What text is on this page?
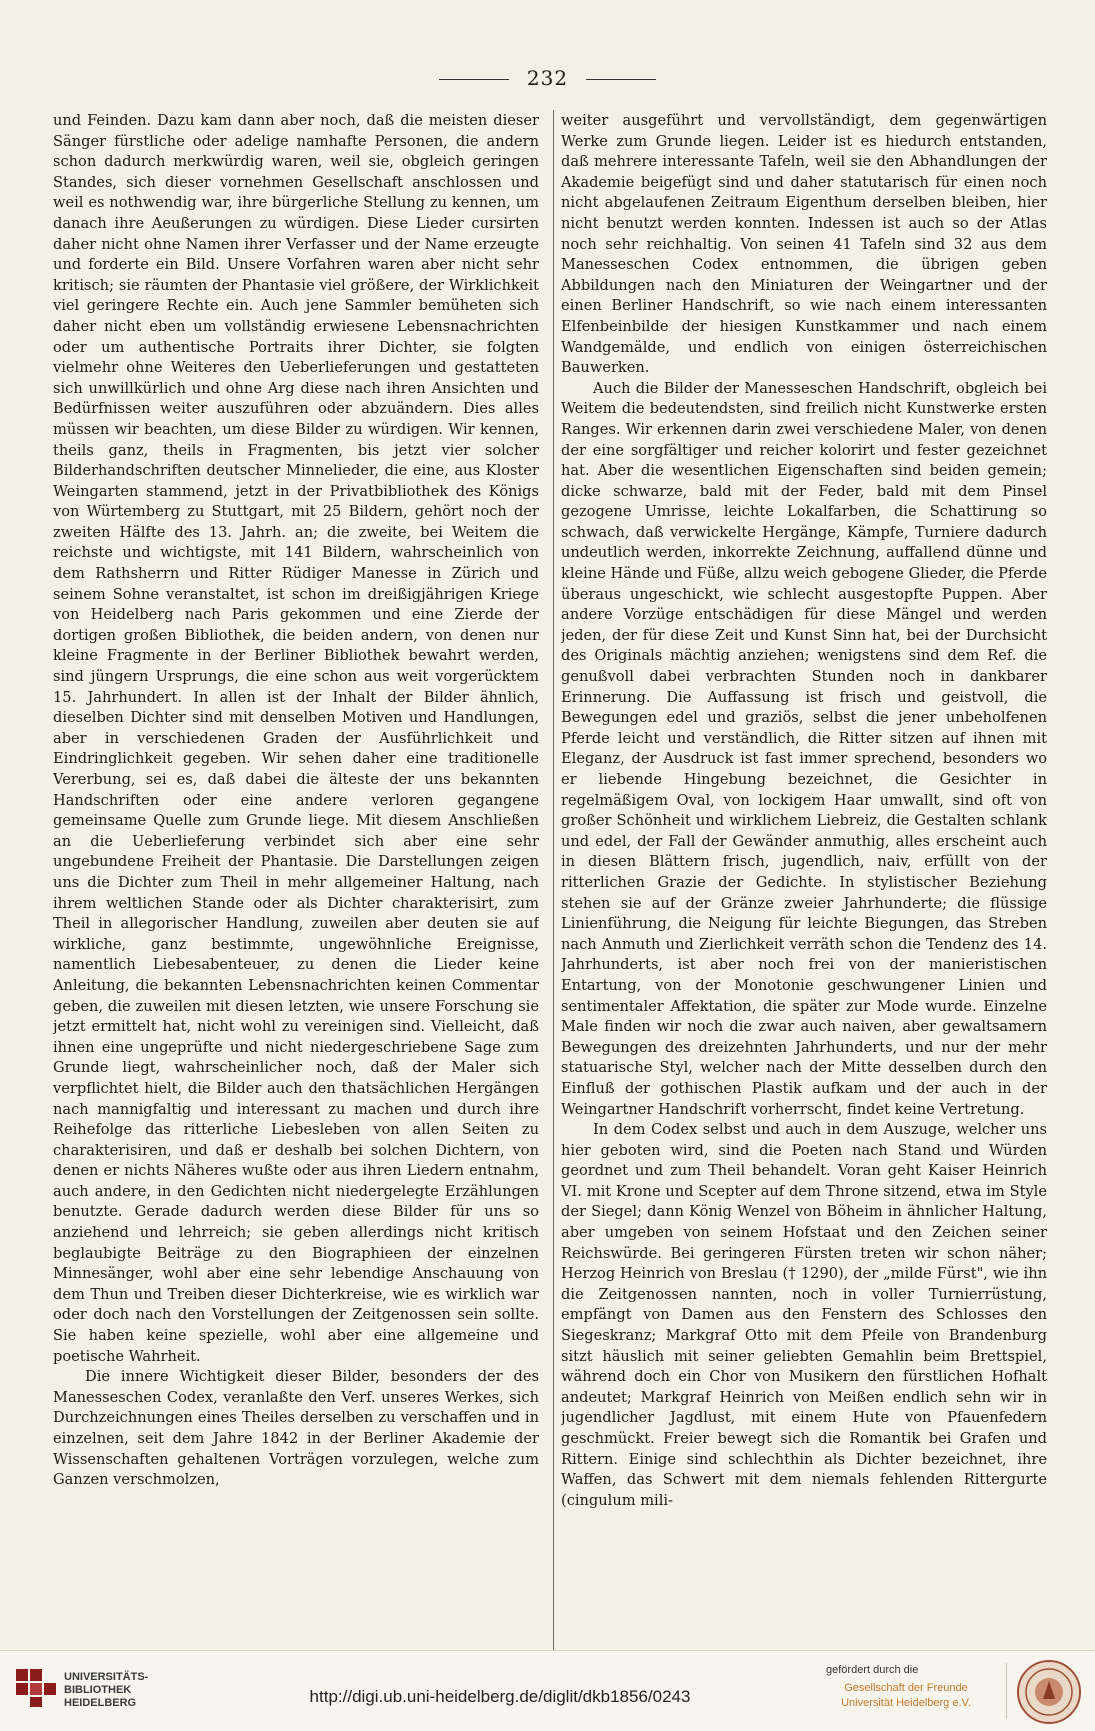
232

und Feinden. Dazu kam dann aber noch, daß die meisten dieser Sänger fürstliche oder adelige namhafte Personen, die andern schon dadurch merkwürdig waren, weil sie, obgleich geringen Standes, sich dieser vornehmen Gesellschaft anschlossen und weil es nothwendig war, ihre bürgerliche Stellung zu kennen, um danach ihre Aeußerungen zu würdigen. Diese Lieder cursirten daher nicht ohne Namen ihrer Verfasser und der Name erzeugte und forderte ein Bild. Unsere Vorfahren waren aber nicht sehr kritisch; sie räumten der Phantasie viel größere, der Wirklichkeit viel geringere Rechte ein. Auch jene Sammler bemüheten sich daher nicht eben um vollständig erwiesene Lebensnachrichten oder um authentische Portraits ihrer Dichter, sie folgten vielmehr ohne Weiteres den Ueberlieferungen und gestatteten sich unwillkürlich und ohne Arg diese nach ihren Ansichten und Bedürfnissen weiter auszuführen oder abzuändern. Dies alles müssen wir beachten, um diese Bilder zu würdigen. Wir kennen, theils ganz, theils in Fragmenten, bis jetzt vier solcher Bilderhandschriften deutscher Minnelieder, die eine, aus Kloster Weingarten stammend, jetzt in der Privatbibliothek des Königs von Würtemberg zu Stuttgart, mit 25 Bildern, gehört noch der zweiten Hälfte des 13. Jahrh. an; die zweite, bei Weitem die reichste und wichtigste, mit 141 Bildern, wahrscheinlich von dem Rathsherrn und Ritter Rüdiger Manesse in Zürich und seinem Sohne veranstaltet, ist schon im dreißigjährigen Kriege von Heidelberg nach Paris gekommen und eine Zierde der dortigen großen Bibliothek, die beiden andern, von denen nur kleine Fragmente in der Berliner Bibliothek bewahrt werden, sind jüngern Ursprungs, die eine schon aus weit vorgerücktem 15. Jahrhundert. In allen ist der Inhalt der Bilder ähnlich, dieselben Dichter sind mit denselben Motiven und Handlungen, aber in verschiedenen Graden der Ausführlichkeit und Eindringlichkeit gegeben. Wir sehen daher eine traditionelle Vererbung, sei es, daß dabei die älteste der uns bekannten Handschriften oder eine andere verloren gegangene gemeinsame Quelle zum Grunde liege. Mit diesem Anschließen an die Ueberlieferung verbindet sich aber eine sehr ungebundene Freiheit der Phantasie. Die Darstellungen zeigen uns die Dichter zum Theil in mehr allgemeiner Haltung, nach ihrem weltlichen Stande oder als Dichter charakterisirt, zum Theil in allegorischer Handlung, zuweilen aber deuten sie auf wirkliche, ganz bestimmte, ungewöhnliche Ereignisse, namentlich Liebesabenteuer, zu denen die Lieder keine Anleitung, die bekannten Lebensnachrichten keinen Commentar geben, die zuweilen mit diesen letzten, wie unsere Forschung sie jetzt ermittelt hat, nicht wohl zu vereinigen sind. Vielleicht, daß ihnen eine ungeprüfte und nicht niedergeschriebene Sage zum Grunde liegt, wahrscheinlicher noch, daß der Maler sich verpflichtet hielt, die Bilder auch den thatsächlichen Hergängen nach mannigfaltig und interessant zu machen und durch ihre Reihefolge das ritterliche Liebesleben von allen Seiten zu charakterisiren, und daß er deshalb bei solchen Dichtern, von denen er nichts Näheres wußte oder aus ihren Liedern entnahm, auch andere, in den Gedichten nicht niedergelegte Erzählungen benutzte. Gerade dadurch werden diese Bilder für uns so anziehend und lehrreich; sie geben allerdings nicht kritisch beglaubigte Beiträge zu den Biographieen der einzelnen Minnesänger, wohl aber eine sehr lebendige Anschauung von dem Thun und Treiben dieser Dichterkreise, wie es wirklich war oder doch nach den Vorstellungen der Zeitgenossen sein sollte. Sie haben keine spezielle, wohl aber eine allgemeine und poetische Wahrheit.

Die innere Wichtigkeit dieser Bilder, besonders der des Manesseschen Codex, veranlaßte den Verf. unseres Werkes, sich Durchzeichnungen eines Theiles derselben zu verschaffen und in einzelnen, seit dem Jahre 1842 in der Berliner Akademie der Wissenschaften gehaltenen Vorträgen vorzulegen, welche zum Ganzen verschmolzen,

weiter ausgeführt und vervollständigt, dem gegenwärtigen Werke zum Grunde liegen. Leider ist es hiedurch entstanden, daß mehrere interessante Tafeln, weil sie den Abhandlungen der Akademie beigefügt sind und daher statutarisch für einen noch nicht abgelaufenen Zeitraum Eigenthum derselben bleiben, hier nicht benutzt werden konnten. Indessen ist auch so der Atlas noch sehr reichhaltig. Von seinen 41 Tafeln sind 32 aus dem Manesseschen Codex entnommen, die übrigen geben Abbildungen nach den Miniaturen der Weingartner und der einen Berliner Handschrift, so wie nach einem interessanten Elfenbeinbilde der hiesigen Kunstkammer und nach einem Wandgemälde, und endlich von einigen österreichischen Bauwerken.

Auch die Bilder der Manesseschen Handschrift, obgleich bei Weitem die bedeutendsten, sind freilich nicht Kunstwerke ersten Ranges. Wir erkennen darin zwei verschiedene Maler, von denen der eine sorgfältiger und reicher kolorirt und fester gezeichnet hat. Aber die wesentlichen Eigenschaften sind beiden gemein; dicke schwarze, bald mit der Feder, bald mit dem Pinsel gezogene Umrisse, leichte Lokalfarben, die Schattirung so schwach, daß verwickelte Hergänge, Kämpfe, Turniere dadurch undeutlich werden, inkorrekte Zeichnung, auffallend dünne und kleine Hände und Füße, allzu weich gebogene Glieder, die Pferde überaus ungeschickt, wie schlecht ausgestopfte Puppen. Aber andere Vorzüge entschädigen für diese Mängel und werden jeden, der für diese Zeit und Kunst Sinn hat, bei der Durchsicht des Originals mächtig anziehen; wenigstens sind dem Ref. die genußvoll dabei verbrachten Stunden noch in dankbarer Erinnerung. Die Auffassung ist frisch und geistvoll, die Bewegungen edel und graziös, selbst die jener unbeholfenen Pferde leicht und verständlich, die Ritter sitzen auf ihnen mit Eleganz, der Ausdruck ist fast immer sprechend, besonders wo er liebende Hingebung bezeichnet, die Gesichter in regelmäßigem Oval, von lockigem Haar umwallt, sind oft von großer Schönheit und wirklichem Liebreiz, die Gestalten schlank und edel, der Fall der Gewänder anmuthig, alles erscheint auch in diesen Blättern frisch, jugendlich, naiv, erfüllt von der ritterlichen Grazie der Gedichte. In stylistischer Beziehung stehen sie auf der Gränze zweier Jahrhunderte; die flüssige Linienführung, die Neigung für leichte Biegungen, das Streben nach Anmuth und Zierlichkeit verräth schon die Tendenz des 14. Jahrhunderts, ist aber noch frei von der manieristischen Entartung, von der Monotonie geschwungener Linien und sentimentaler Affektation, die später zur Mode wurde. Einzelne Male finden wir noch die zwar auch naiven, aber gewaltsamern Bewegungen des dreizehnten Jahrhunderts, und nur der mehr statuarische Styl, welcher nach der Mitte desselben durch den Einfluß der gothischen Plastik aufkam und der auch in der Weingartner Handschrift vorherrscht, findet keine Vertretung.

In dem Codex selbst und auch in dem Auszuge, welcher uns hier geboten wird, sind die Poeten nach Stand und Würden geordnet und zum Theil behandelt. Voran geht Kaiser Heinrich VI. mit Krone und Scepter auf dem Throne sitzend, etwa im Style der Siegel; dann König Wenzel von Böheim in ähnlicher Haltung, aber umgeben von seinem Hofstaat und den Zeichen seiner Reichswürde. Bei geringeren Fürsten treten wir schon näher; Herzog Heinrich von Breslau († 1290), der „milde Fürst", wie ihn die Zeitgenossen nannten, noch in voller Turnierrüstung, empfängt von Damen aus den Fenstern des Schlosses den Siegeskranz; Markgraf Otto mit dem Pfeile von Brandenburg sitzt häuslich mit seiner geliebten Gemahlin beim Brettspiel, während doch ein Chor von Musikern den fürstlichen Hofhalt andeutet; Markgraf Heinrich von Meißen endlich sehn wir in jugendlicher Jagdlust, mit einem Hute von Pfauenfedern geschmückt. Freier bewegt sich die Romantik bei Grafen und Rittern. Einige sind schlechthin als Dichter bezeichnet, ihre Waffen, das Schwert mit dem niemals fehlenden Rittergurte (cingulum mili-

UNIVERSITÄTS-
BIBLIOTHEK
HEIDELBERG	http://digi.ub.uni-heidelberg.de/diglit/dkb1856/0243
gefördert durch die
Gesellschaft der Freunde
Universität Heidelberg e.V.
